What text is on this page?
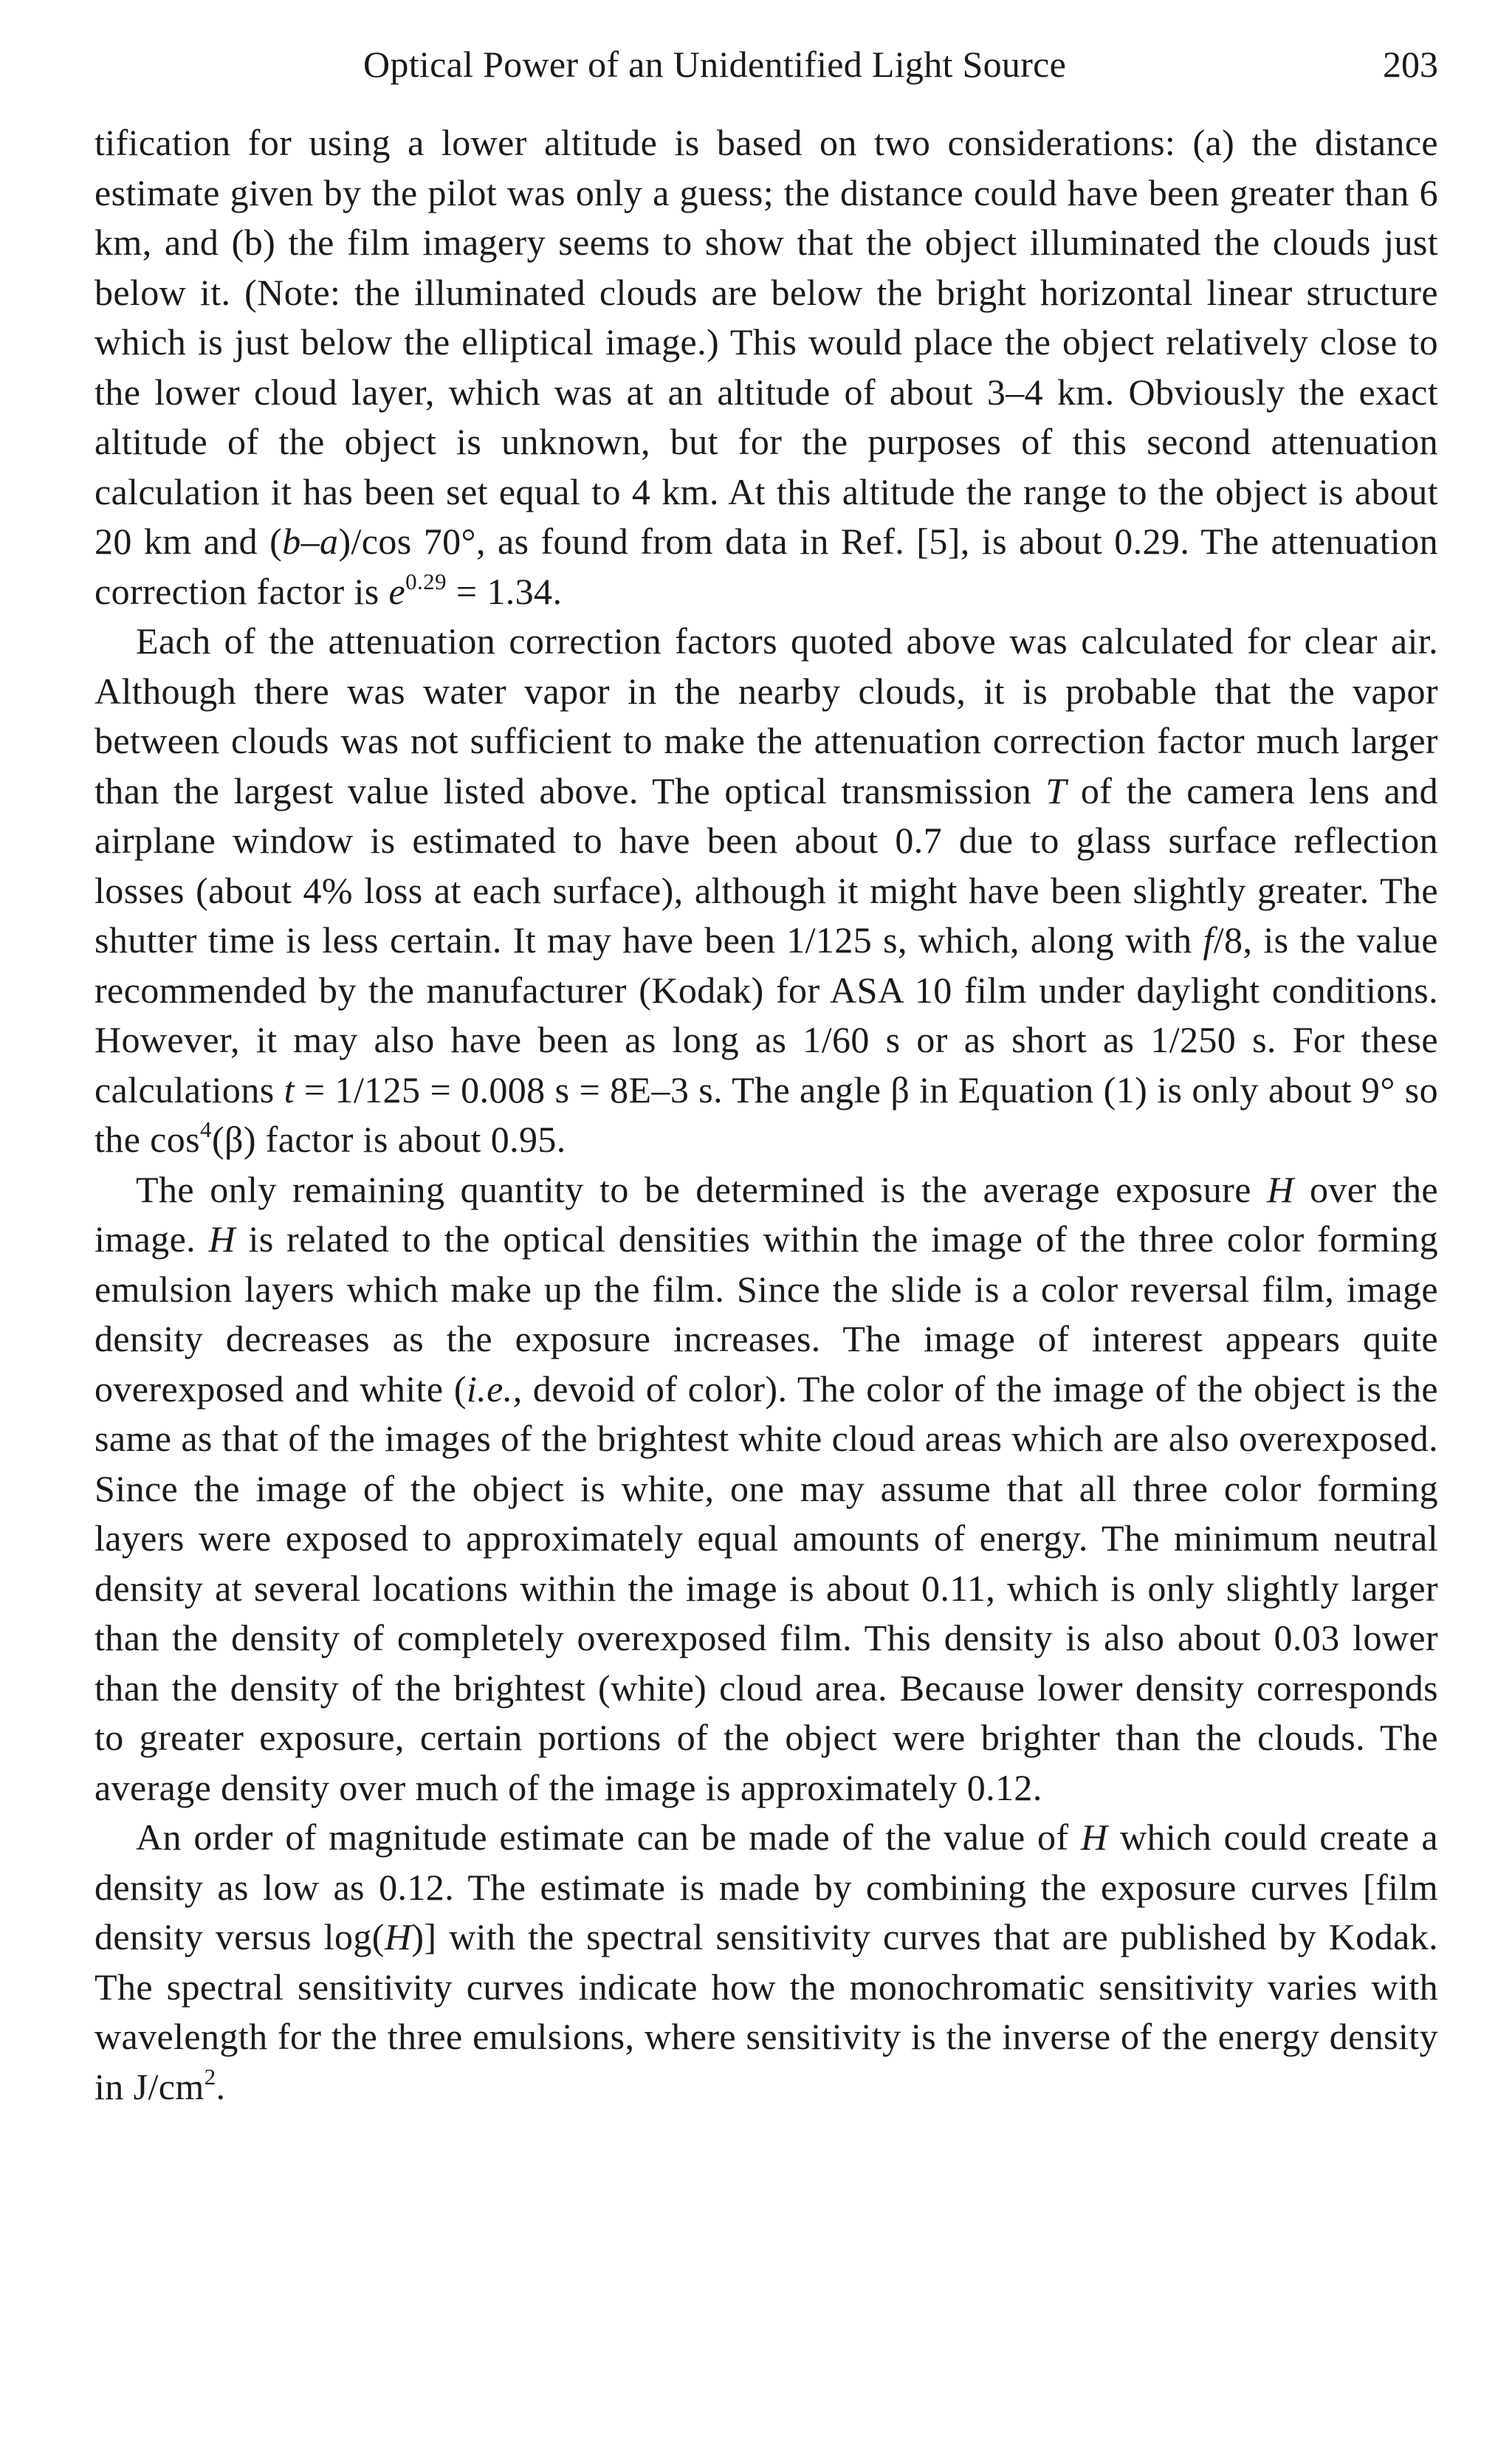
Optical Power of an Unidentified Light Source	203

tification for using a lower altitude is based on two considerations: (a) the distance estimate given by the pilot was only a guess; the distance could have been greater than 6 km, and (b) the film imagery seems to show that the object illuminated the clouds just below it. (Note: the illuminated clouds are below the bright horizontal linear structure which is just below the elliptical image.) This would place the object relatively close to the lower cloud layer, which was at an altitude of about 3–4 km. Obviously the exact altitude of the object is unknown, but for the purposes of this second attenuation calculation it has been set equal to 4 km. At this altitude the range to the object is about 20 km and (b–a)/cos 70°, as found from data in Ref. [5], is about 0.29. The attenuation correction factor is $e^{0.29} = 1.34$.

Each of the attenuation correction factors quoted above was calculated for clear air. Although there was water vapor in the nearby clouds, it is probable that the vapor between clouds was not sufficient to make the attenuation correction factor much larger than the largest value listed above. The optical transmission T of the camera lens and airplane window is estimated to have been about 0.7 due to glass surface reflection losses (about 4% loss at each surface), although it might have been slightly greater. The shutter time is less certain. It may have been 1/125 s, which, along with f/8, is the value recommended by the manufacturer (Kodak) for ASA 10 film under daylight conditions. However, it may also have been as long as 1/60 s or as short as 1/250 s. For these calculations t = 1/125 = 0.008 s = 8E–3 s. The angle β in Equation (1) is only about 9° so the $\cos^4(\beta)$ factor is about 0.95.

The only remaining quantity to be determined is the average exposure H over the image. H is related to the optical densities within the image of the three color forming emulsion layers which make up the film. Since the slide is a color reversal film, image density decreases as the exposure increases. The image of interest appears quite overexposed and white (i.e., devoid of color). The color of the image of the object is the same as that of the images of the brightest white cloud areas which are also overexposed. Since the image of the object is white, one may assume that all three color forming layers were exposed to approximately equal amounts of energy. The minimum neutral density at several locations within the image is about 0.11, which is only slightly larger than the density of completely overexposed film. This density is also about 0.03 lower than the density of the brightest (white) cloud area. Because lower density corresponds to greater exposure, certain portions of the object were brighter than the clouds. The average density over much of the image is approximately 0.12.

An order of magnitude estimate can be made of the value of H which could create a density as low as 0.12. The estimate is made by combining the exposure curves [film density versus log(H)] with the spectral sensitivity curves that are published by Kodak. The spectral sensitivity curves indicate how the monochromatic sensitivity varies with wavelength for the three emulsions, where sensitivity is the inverse of the energy density in $J/cm^2$.
